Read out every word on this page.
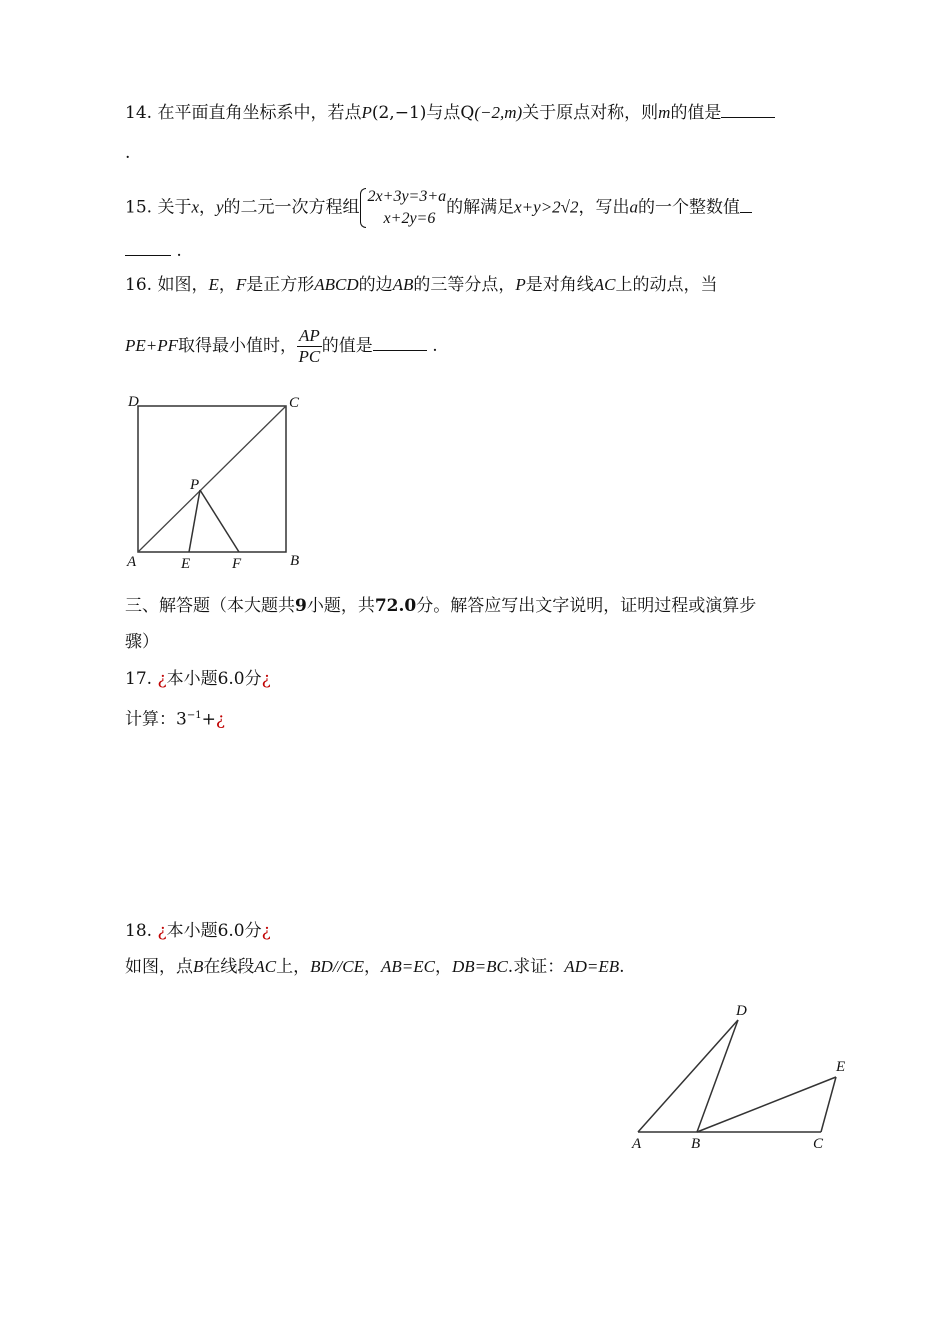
14. 在平面直角坐标系中，若点P(2,−1)与点Q(−2,m)关于原点对称，则m的值是
.
15. 关于x，y的二元一次方程组
2x+3y=3+a
x+2y=6
的解满足x+y>2√2，写出a的一个整数值
.
16. 如图，E，F是正方形ABCD的边AB的三等分点，P是对角线AC上的动点，当
PE+PF取得最小值时， $\frac{AP}{PC}$ 的值是	.
D	C
P
A	E	F	B
三、解答题（本大题共9小题，共72.0分。解答应写出文字说明，证明过程或演算步
骤）
17. ¿本小题6.0分¿
计算：$3^{-1}+¿$
18. ¿本小题6.0分¿
如图，点B在线段AC上，BD//CE，AB=EC，DB=BC.求证：AD=EB.
D
E
A	B	C
